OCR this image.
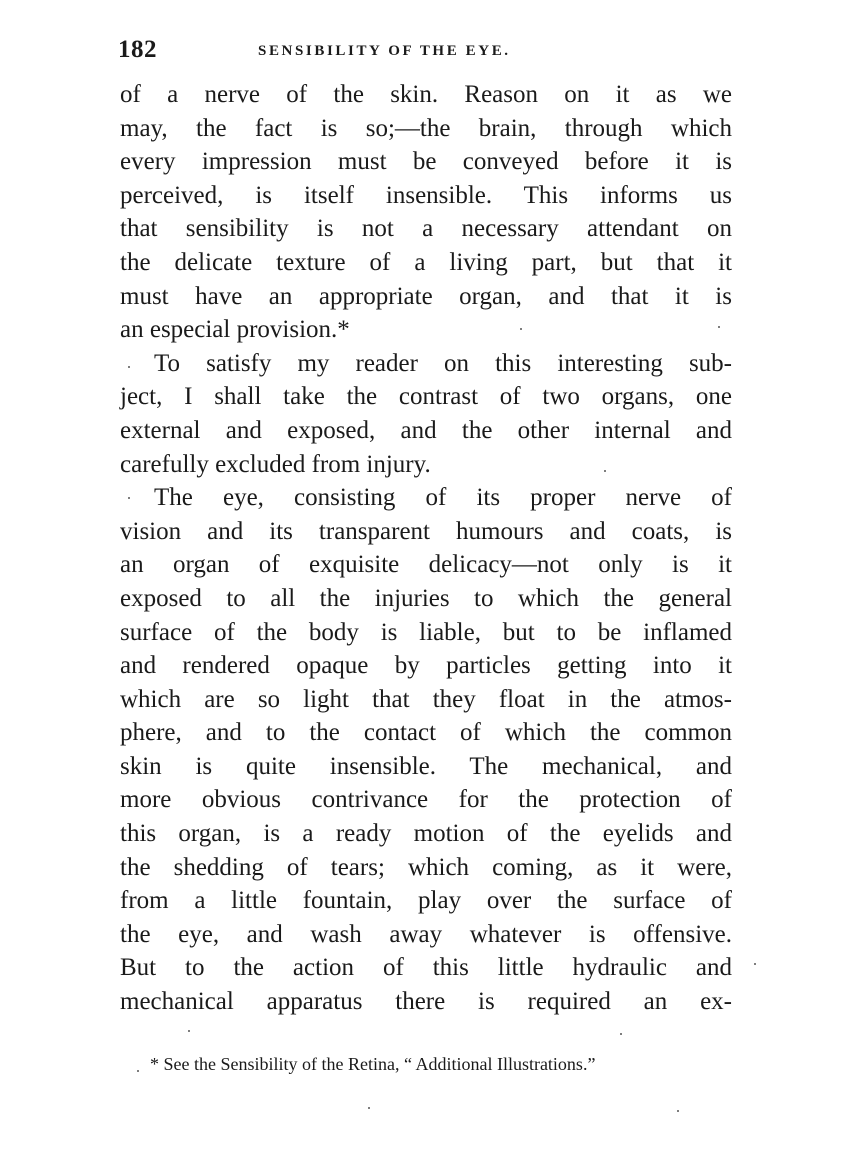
182	SENSIBILITY OF THE EYE.
of a nerve of the skin. Reason on it as we
may, the fact is so;—the brain, through which
every impression must be conveyed before it is
perceived, is itself insensible. This informs us
that sensibility is not a necessary attendant on
the delicate texture of a living part, but that it
must have an appropriate organ, and that it is
an especial provision.*
To satisfy my reader on this interesting sub-
ject, I shall take the contrast of two organs, one
external and exposed, and the other internal and
carefully excluded from injury.
The eye, consisting of its proper nerve of
vision and its transparent humours and coats, is
an organ of exquisite delicacy—not only is it
exposed to all the injuries to which the general
surface of the body is liable, but to be inflamed
and rendered opaque by particles getting into it
which are so light that they float in the atmos-
phere, and to the contact of which the common
skin is quite insensible. The mechanical, and
more obvious contrivance for the protection of
this organ, is a ready motion of the eyelids and
the shedding of tears; which coming, as it were,
from a little fountain, play over the surface of
the eye, and wash away whatever is offensive.
But to the action of this little hydraulic and
mechanical apparatus there is required an ex-
* See the Sensibility of the Retina, “ Additional Illustrations.”
